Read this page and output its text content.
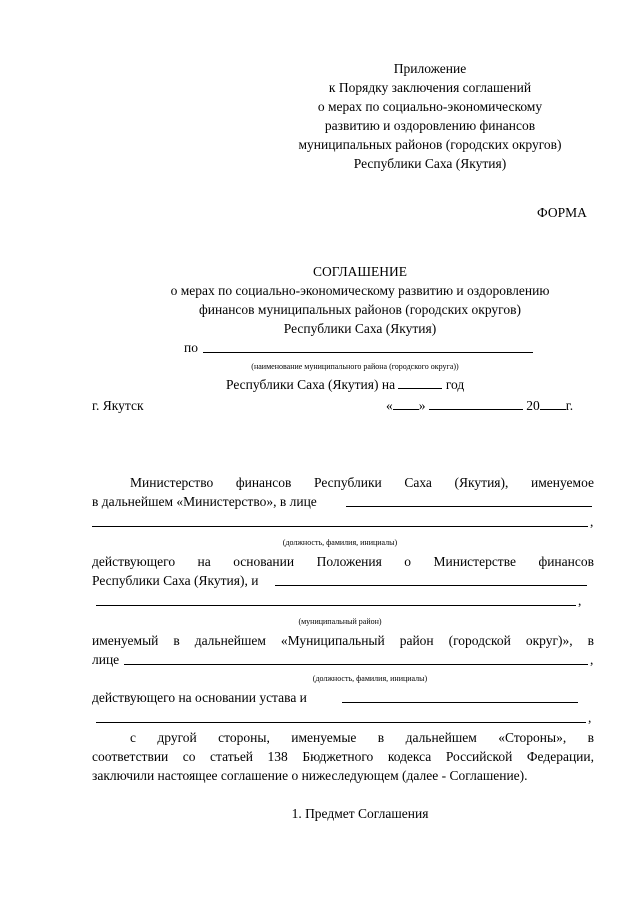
Приложение
к Порядку заключения соглашений
о мерах по социально-экономическому
развитию и оздоровлению финансов
муниципальных районов (городских округов)
Республики Саха (Якутия)
ФОРМА
СОГЛАШЕНИЕ
о мерах по социально-экономическому развитию и оздоровлению
финансов муниципальных районов (городских округов)
Республики Саха (Якутия)
по
(наименование муниципального района (городского округа))
Республики Саха (Якутия) на	год
г. Якутск	« »	20 г.
Министерство финансов Республики Саха (Якутия), именуемое
в дальнейшем «Министерство», в лице
,
(должность, фамилия, инициалы)
действующего на основании Положения о Министерстве финансов
Республики Саха (Якутия), и
,
(муниципальный район)
именуемый в дальнейшем «Муниципальный район (городской округ)», в
лице	,
(должность, фамилия, инициалы)
действующего на основании устава и
,
с другой стороны, именуемые в дальнейшем «Стороны», в
соответствии со статьей 138 Бюджетного кодекса Российской Федерации,
заключили настоящее соглашение о нижеследующем (далее - Соглашение).
1. Предмет Соглашения
